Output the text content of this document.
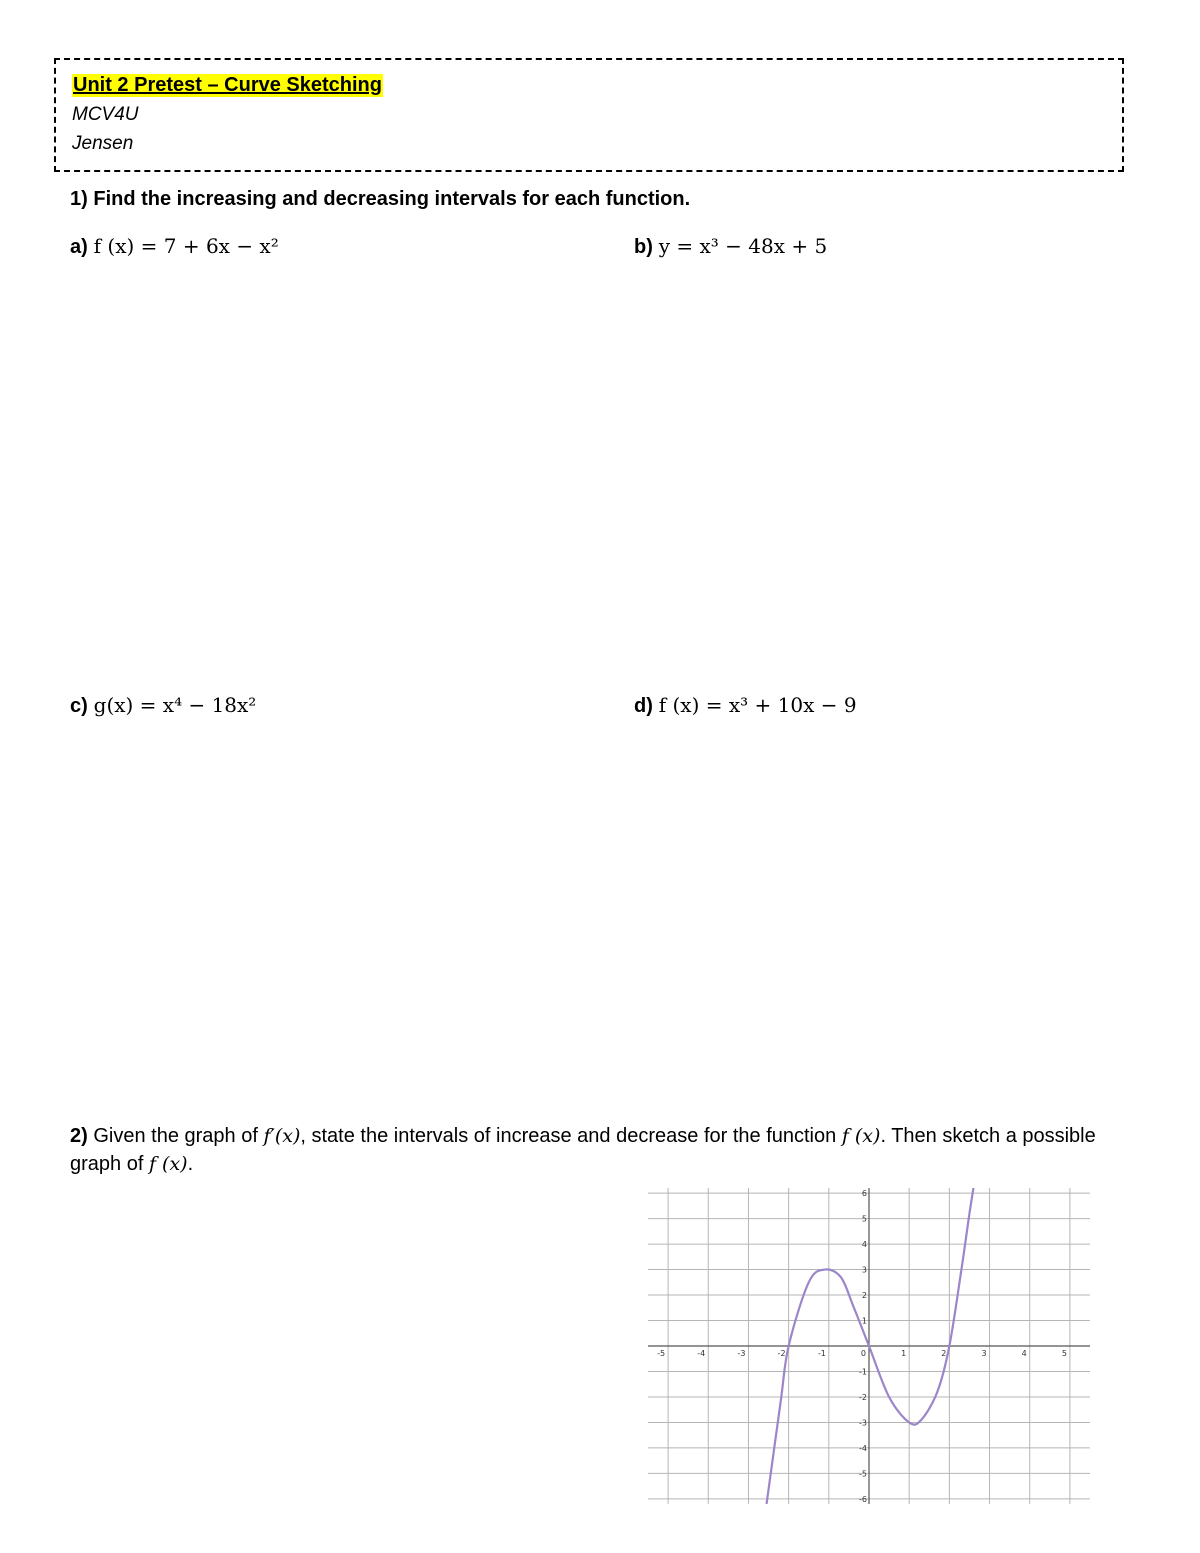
Unit 2 Pretest – Curve Sketching
MCV4U
Jensen
1) Find the increasing and decreasing intervals for each function.
a) f (x) = 7 + 6x − x²	b) y = x³ − 48x + 5
c) g(x) = x⁴ − 18x²	d) f (x) = x³ + 10x − 9
2) Given the graph of f′(x), state the intervals of increase and decrease for the function f (x). Then sketch a possible graph of f (x).
-5	-4	-3	-2	-1	0	1	2	3	4	5
-6
-5
-4
-3
-2
-1
1
2
3
4
5
6
